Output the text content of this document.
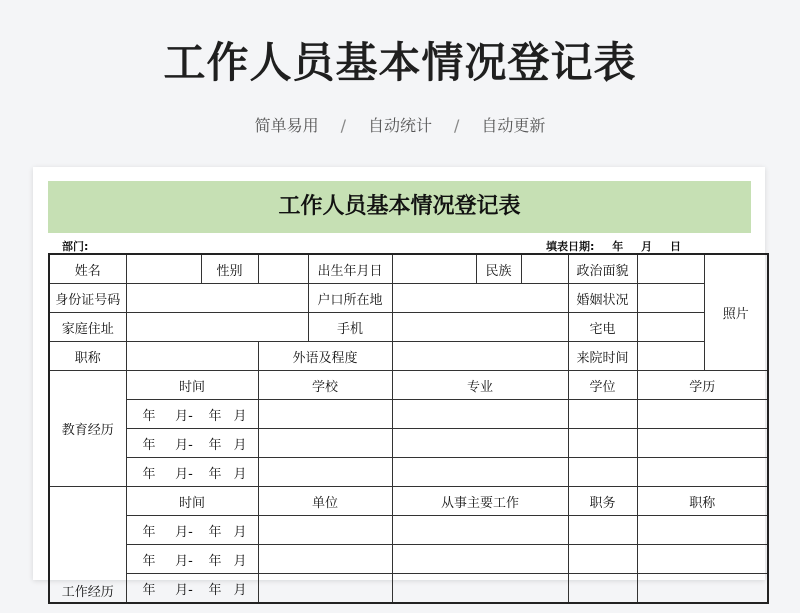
工作人员基本情况登记表
简单易用 / 自动统计 / 自动更新
工作人员基本情况登记表
部门:	填表日期: 年 月 日
姓名		性别		出生年月日		民族		政治面貌		照片
身份证号码				户口所在地				婚姻状况		
家庭住址				手机				宅电		
职称			外语及程度					来院时间		
教育经历	时间		学校		专业			学位	学历	
	年 月- 年 月									
	年 月- 年 月									
	年 月- 年 月									
工作经历	时间		单位		从事主要工作			职务	职称	
	年 月- 年 月									
	年 月- 年 月									
	年 月- 年 月									
